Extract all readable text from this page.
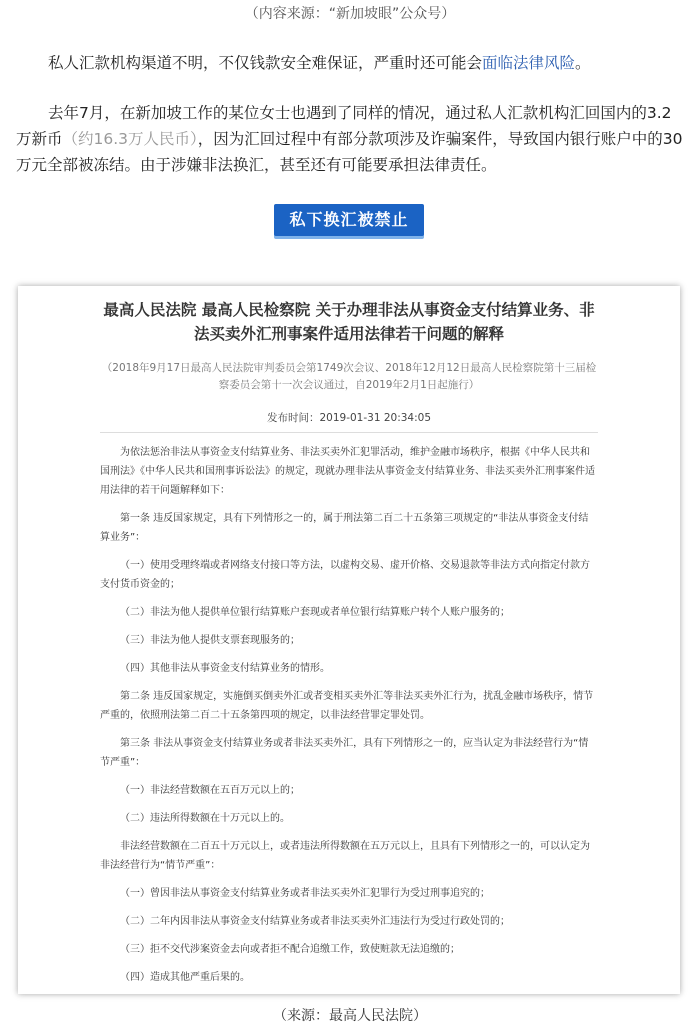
（内容来源：“新加坡眼”公众号）

私人汇款机构渠道不明，不仅钱款安全难保证，严重时还可能会面临法律风险。

去年7月，在新加坡工作的某位女士也遇到了同样的情况，通过私人汇款机构汇回国内的3.2万新币（约16.3万人民币），因为汇回过程中有部分款项涉及诈骗案件，导致国内银行账户中的30万元全部被冻结。由于涉嫌非法换汇，甚至还有可能要承担法律责任。

私下换汇被禁止

最高人民法院 最高人民检察院 关于办理非法从事资金支付结算业务、非法买卖外汇刑事案件适用法律若干问题的解释

（2018年9月17日最高人民法院审判委员会第1749次会议、2018年12月12日最高人民检察院第十三届检察委员会第十一次会议通过，自2019年2月1日起施行）

发布时间：2019-01-31 20:34:05

为依法惩治非法从事资金支付结算业务、非法买卖外汇犯罪活动，维护金融市场秩序，根据《中华人民共和国刑法》《中华人民共和国刑事诉讼法》的规定，现就办理非法从事资金支付结算业务、非法买卖外汇刑事案件适用法律的若干问题解释如下：

第一条 违反国家规定，具有下列情形之一的，属于刑法第二百二十五条第三项规定的“非法从事资金支付结算业务”：

（一）使用受理终端或者网络支付接口等方法，以虚构交易、虚开价格、交易退款等非法方式向指定付款方支付货币资金的；

（二）非法为他人提供单位银行结算账户套现或者单位银行结算账户转个人账户服务的；

（三）非法为他人提供支票套现服务的；

（四）其他非法从事资金支付结算业务的情形。

第二条 违反国家规定，实施倒买倒卖外汇或者变相买卖外汇等非法买卖外汇行为，扰乱金融市场秩序，情节严重的，依照刑法第二百二十五条第四项的规定，以非法经营罪定罪处罚。

第三条 非法从事资金支付结算业务或者非法买卖外汇，具有下列情形之一的，应当认定为非法经营行为“情节严重”：

（一）非法经营数额在五百万元以上的；

（二）违法所得数额在十万元以上的。

非法经营数额在二百五十万元以上，或者违法所得数额在五万元以上，且具有下列情形之一的，可以认定为非法经营行为“情节严重”：

（一）曾因非法从事资金支付结算业务或者非法买卖外汇犯罪行为受过刑事追究的；

（二）二年内因非法从事资金支付结算业务或者非法买卖外汇违法行为受过行政处罚的；

（三）拒不交代涉案资金去向或者拒不配合追缴工作，致使赃款无法追缴的；

（四）造成其他严重后果的。

（来源：最高人民法院）
